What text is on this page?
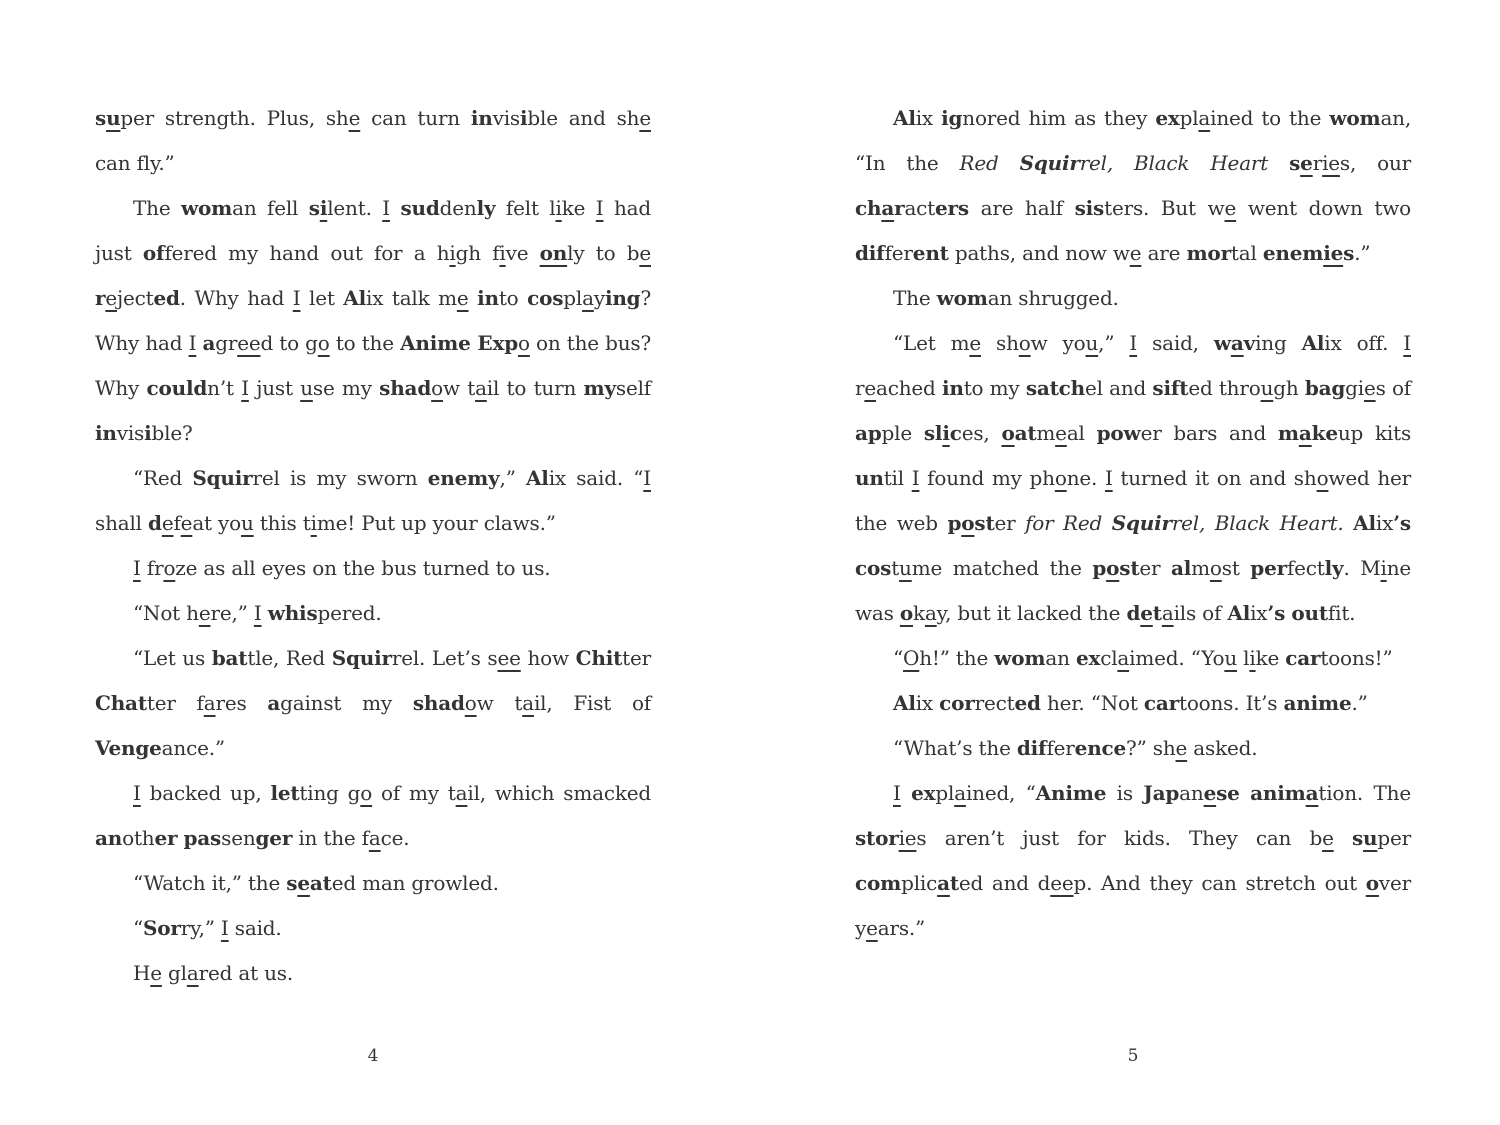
super strength. Plus, she can turn invisible and she can fly.”

The woman fell silent. I suddenly felt like I had just offered my hand out for a high five only to be rejected. Why had I let Alix talk me into cosplaying? Why had I agreed to go to the Anime Expo on the bus? Why couldn’t I just use my shadow tail to turn myself invisible?

“Red Squirrel is my sworn enemy,” Alix said. “I shall defeat you this time! Put up your claws.”

I froze as all eyes on the bus turned to us.

“Not here,” I whispered.

“Let us battle, Red Squirrel. Let’s see how Chitter Chatter fares against my shadow tail, Fist of Vengeance.”

I backed up, letting go of my tail, which smacked another passenger in the face.

“Watch it,” the seated man growled.

“Sorry,” I said.

He glared at us.

4

Alix ignored him as they explained to the woman, “In the Red Squirrel, Black Heart series, our characters are half sisters. But we went down two different paths, and now we are mortal enemies.”

The woman shrugged.

“Let me show you,” I said, waving Alix off. I reached into my satchel and sifted through baggies of apple slices, oatmeal power bars and makeup kits until I found my phone. I turned it on and showed her the web poster for Red Squirrel, Black Heart. Alix’s costume matched the poster almost perfectly. Mine was okay, but it lacked the details of Alix’s outfit.

“Oh!” the woman exclaimed. “You like cartoons!”

Alix corrected her. “Not cartoons. It’s anime.”

“What’s the difference?” she asked.

I explained, “Anime is Japanese animation. The stories aren’t just for kids. They can be super complicated and deep. And they can stretch out over years.”

5
